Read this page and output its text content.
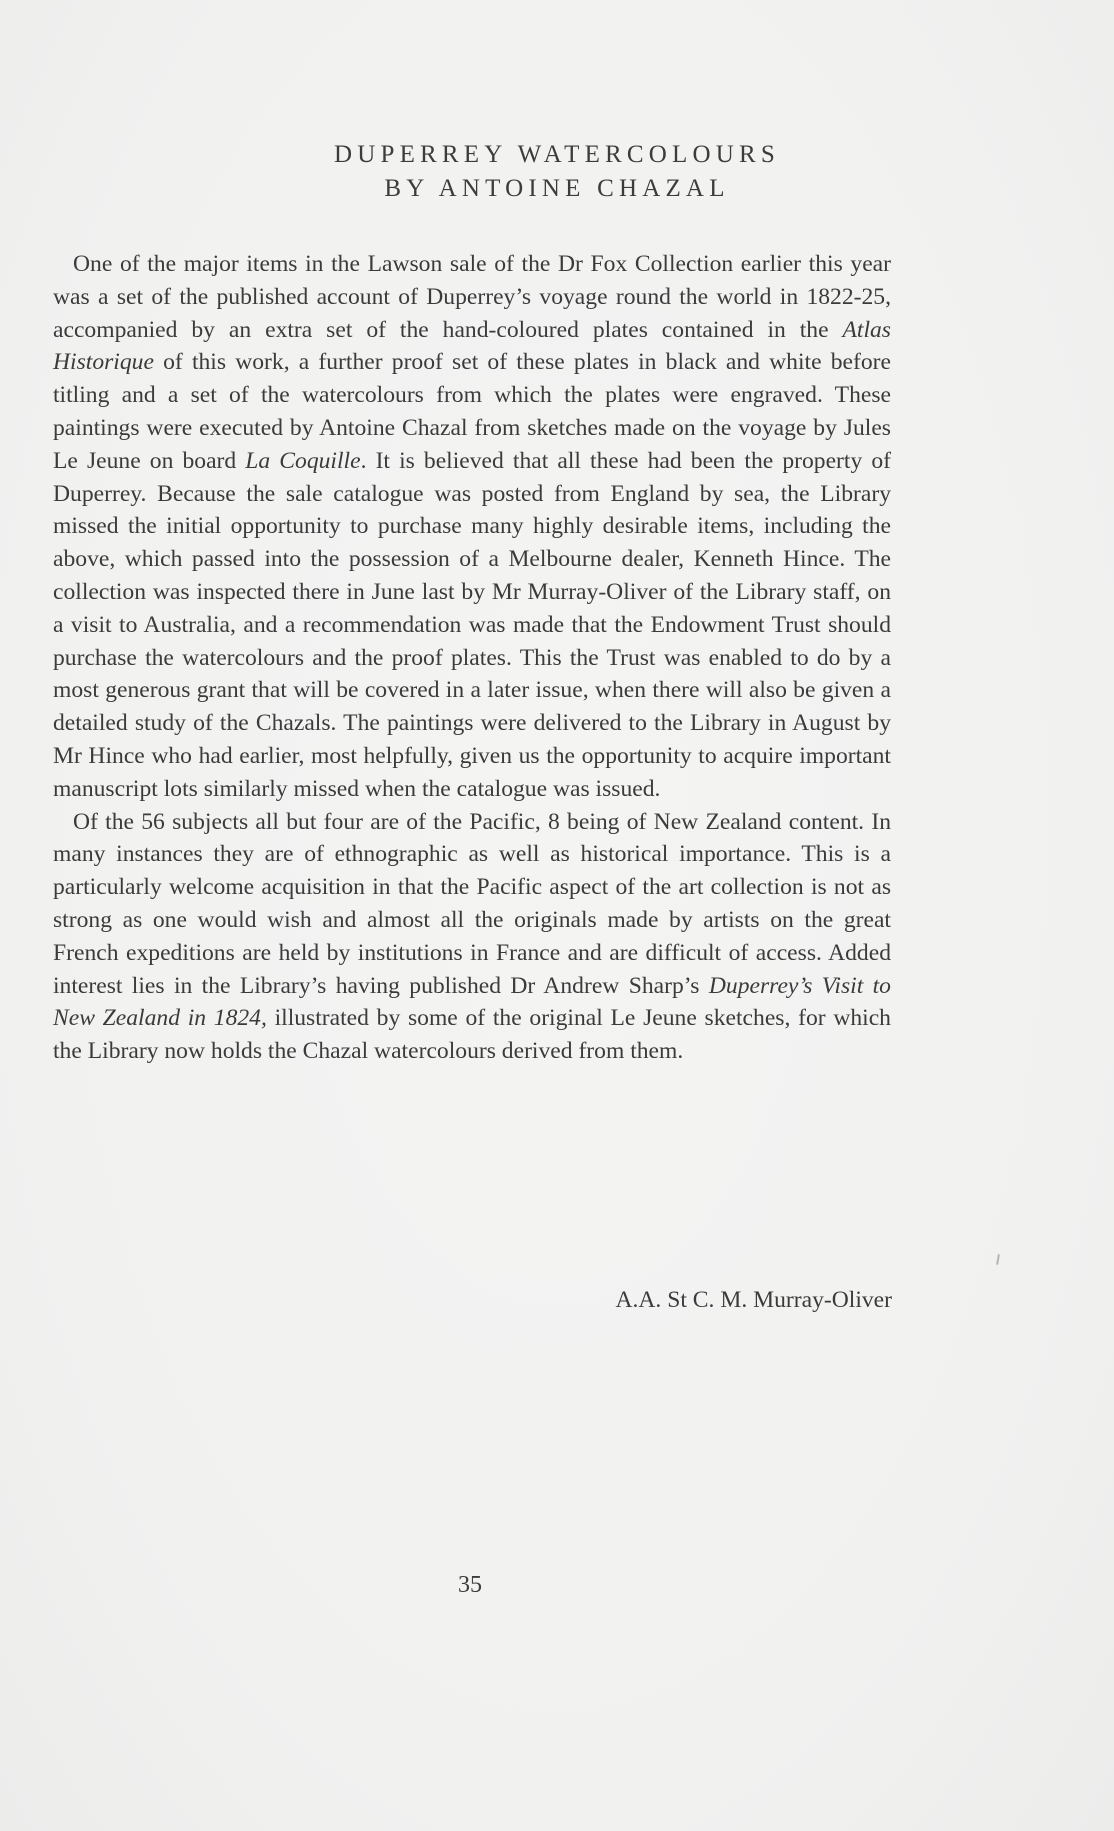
DUPERREY WATERCOLOURS
BY ANTOINE CHAZAL

One of the major items in the Lawson sale of the Dr Fox Collection earlier this year was a set of the published account of Duperrey’s voyage round the world in 1822-25, accompanied by an extra set of the hand-coloured plates contained in the Atlas Historique of this work, a further proof set of these plates in black and white before titling and a set of the watercolours from which the plates were engraved. These paintings were executed by Antoine Chazal from sketches made on the voyage by Jules Le Jeune on board La Coquille. It is believed that all these had been the property of Duperrey. Because the sale catalogue was posted from England by sea, the Library missed the initial opportunity to purchase many highly desirable items, including the above, which passed into the possession of a Melbourne dealer, Kenneth Hince. The collection was inspected there in June last by Mr Murray-Oliver of the Library staff, on a visit to Australia, and a recommendation was made that the Endowment Trust should purchase the watercolours and the proof plates. This the Trust was enabled to do by a most generous grant that will be covered in a later issue, when there will also be given a detailed study of the Chazals. The paintings were delivered to the Library in August by Mr Hince who had earlier, most helpfully, given us the opportunity to acquire important manuscript lots similarly missed when the catalogue was issued.

Of the 56 subjects all but four are of the Pacific, 8 being of New Zealand content. In many instances they are of ethnographic as well as historical importance. This is a particularly welcome acquisition in that the Pacific aspect of the art collection is not as strong as one would wish and almost all the originals made by artists on the great French expeditions are held by institutions in France and are difficult of access. Added interest lies in the Library’s having published Dr Andrew Sharp’s Duperrey’s Visit to New Zealand in 1824, illustrated by some of the original Le Jeune sketches, for which the Library now holds the Chazal watercolours derived from them.

A.A. St C. M. Murray-Oliver
35
